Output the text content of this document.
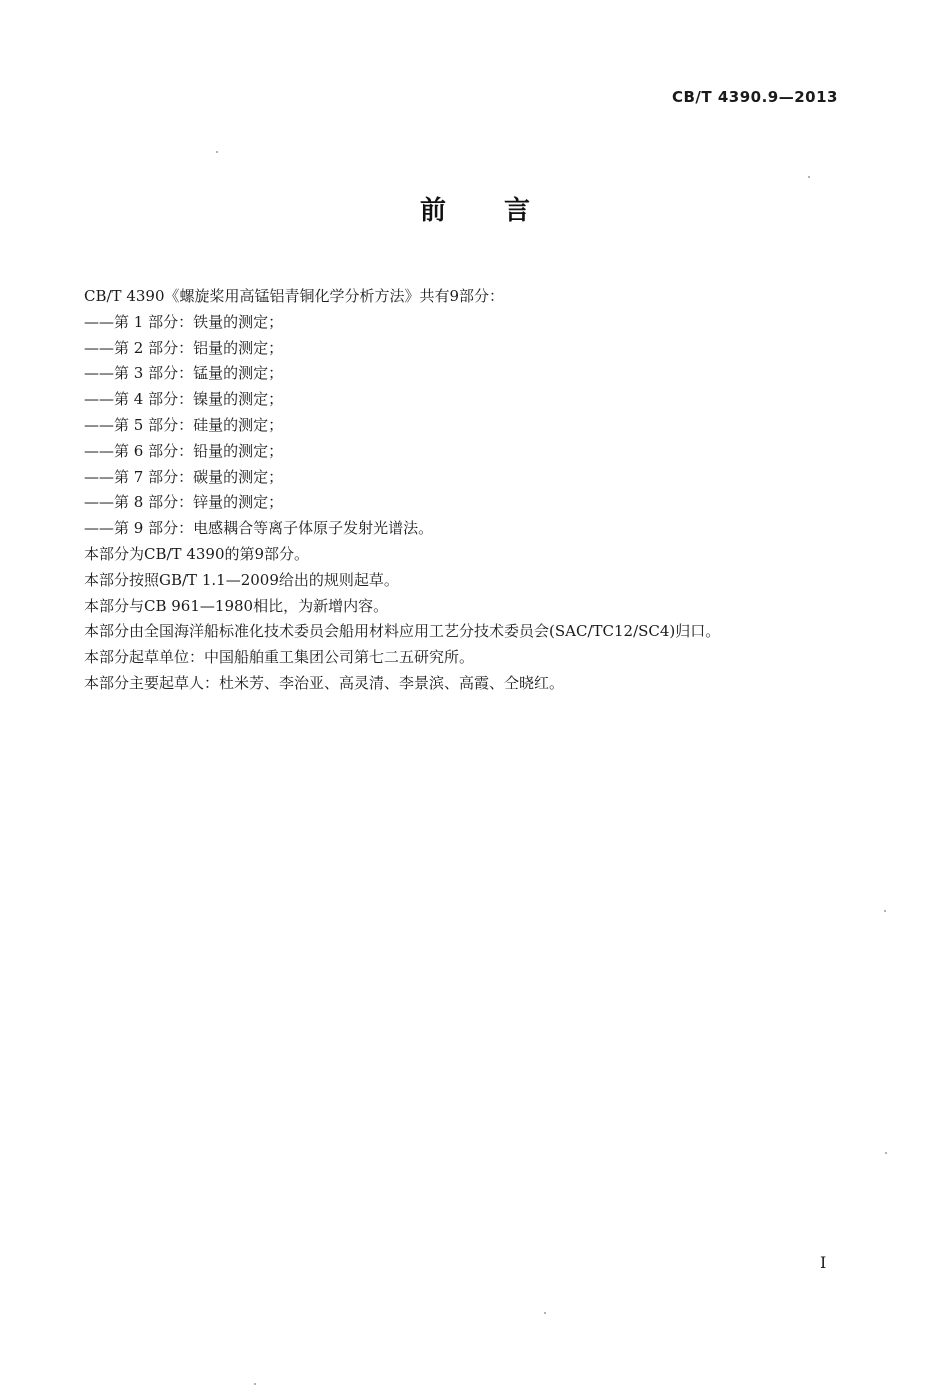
CB/T 4390.9—2013
前言

CB/T 4390《螺旋桨用高锰铝青铜化学分析方法》共有9部分：

——第 1 部分：铁量的测定；

——第 2 部分：铝量的测定；

——第 3 部分：锰量的测定；

——第 4 部分：镍量的测定；

——第 5 部分：硅量的测定；

——第 6 部分：铅量的测定；

——第 7 部分：碳量的测定；

——第 8 部分：锌量的测定；

——第 9 部分：电感耦合等离子体原子发射光谱法。

本部分为CB/T 4390的第9部分。

本部分按照GB/T 1.1—2009给出的规则起草。

本部分与CB 961—1980相比，为新增内容。

本部分由全国海洋船标准化技术委员会船用材料应用工艺分技术委员会(SAC/TC12/SC4)归口。

本部分起草单位：中国船舶重工集团公司第七二五研究所。

本部分主要起草人：杜米芳、李治亚、高灵清、李景滨、高霞、仝晓红。

I
